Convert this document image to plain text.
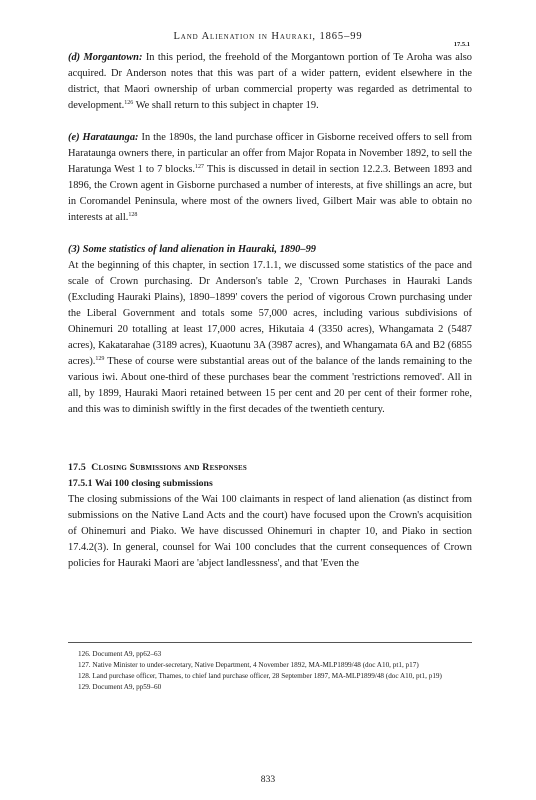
Land Alienation in Hauraki, 1865–99
17.5.1

(d) Morgantown: In this period, the freehold of the Morgantown portion of Te Aroha was also acquired. Dr Anderson notes that this was part of a wider pattern, evident elsewhere in the district, that Maori ownership of urban commercial property was regarded as detrimental to development.$^{126}$ We shall return to this subject in chapter 19.

(e) Harataunga: In the 1890s, the land purchase officer in Gisborne received offers to sell from Harataunga owners there, in particular an offer from Major Ropata in November 1892, to sell the Haratunga West 1 to 7 blocks.$^{127}$ This is discussed in detail in section 12.2.3. Between 1893 and 1896, the Crown agent in Gisborne purchased a number of interests, at five shillings an acre, but in Coromandel Peninsula, where most of the owners lived, Gilbert Mair was able to obtain no interests at all.$^{128}$

(3) Some statistics of land alienation in Hauraki, 1890–99

At the beginning of this chapter, in section 17.1.1, we discussed some statistics of the pace and scale of Crown purchasing. Dr Anderson's table 2, 'Crown Purchases in Hauraki Lands (Excluding Hauraki Plains), 1890–1899' covers the period of vigorous Crown purchasing under the Liberal Government and totals some 57,000 acres, including various subdivisions of Ohinemuri 20 totalling at least 17,000 acres, Hikutaia 4 (3350 acres), Whangamata 2 (5487 acres), Kakatarahae (3189 acres), Kuaotunu 3A (3987 acres), and Whangamata 6A and B2 (6855 acres).$^{129}$ These of course were substantial areas out of the balance of the lands remaining to the various iwi. About one-third of these purchases bear the comment 'restrictions removed'. All in all, by 1899, Hauraki Maori retained between 15 per cent and 20 per cent of their former rohe, and this was to diminish swiftly in the first decades of the twentieth century.

17.5 Closing Submissions and Responses

17.5.1 Wai 100 closing submissions

The closing submissions of the Wai 100 claimants in respect of land alienation (as distinct from submissions on the Native Land Acts and the court) have focused upon the Crown's acquisition of Ohinemuri and Piako. We have discussed Ohinemuri in chapter 10, and Piako in section 17.4.2(3). In general, counsel for Wai 100 concludes that the current consequences of Crown policies for Hauraki Maori are 'abject landlessness', and that 'Even the

126. Document A9, pp62–63

127. Native Minister to under-secretary, Native Department, 4 November 1892, MA-MLP1899/48 (doc A10, pt1, p17)

128. Land purchase officer, Thames, to chief land purchase officer, 28 September 1897, MA-MLP1899/48 (doc A10, pt1, p19)

129. Document A9, pp59–60

833
